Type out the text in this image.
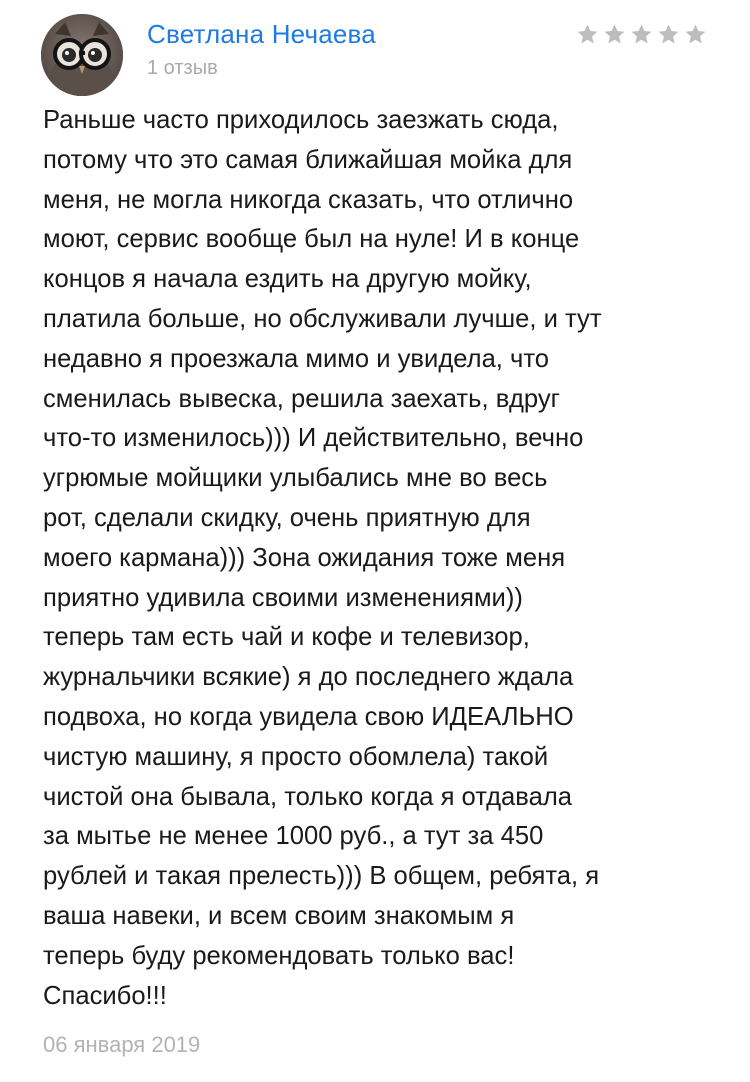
Светлана Нечаева
1 отзыв
Раньше часто приходилось заезжать сюда,
потому что это самая ближайшая мойка для
меня, не могла никогда сказать, что отлично
моют, сервис вообще был на нуле! И в конце
концов я начала ездить на другую мойку,
платила больше, но обслуживали лучше, и тут
недавно я проезжала мимо и увидела, что
сменилась вывеска, решила заехать, вдруг
что-то изменилось))) И действительно, вечно
угрюмые мойщики улыбались мне во весь
рот, сделали скидку, очень приятную для
моего кармана))) Зона ожидания тоже меня
приятно удивила своими изменениями))
теперь там есть чай и кофе и телевизор,
журнальчики всякие) я до последнего ждала
подвоха, но когда увидела свою ИДЕАЛЬНО
чистую машину, я просто обомлела) такой
чистой она бывала, только когда я отдавала
за мытье не менее 1000 руб., а тут за 450
рублей и такая прелесть))) В общем, ребята, я
ваша навеки, и всем своим знакомым я
теперь буду рекомендовать только вас!
Спасибо!!!
06 января 2019
